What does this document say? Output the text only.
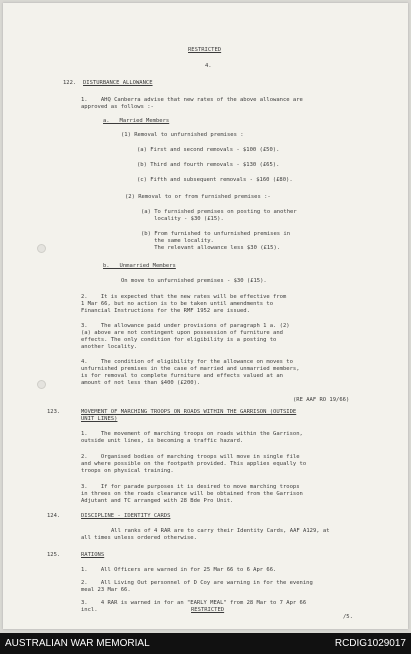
RESTRICTED
4.
122. DISTURBANCE ALLOWANCE
1.    AHQ Canberra advise that new rates of the above allowance are
approved as follows :-
a.   Married Members
(1) Removal to unfurnished premises :
(a) First and second removals - $100 (£50).
(b) Third and fourth removals - $130 (£65).
(c) Fifth and subsequent removals - $160 (£80).
(2) Removal to or from furnished premises :-
(a) To furnished premises on posting to another
locality - $30 (£15).
(b) From furnished to unfurnished premises in
the same locality.
The relevant allowance less $30 (£15).
b.   Unmarried Members
On move to unfurnished premises - $30 (£15).
2.    It is expected that the new rates will be effective from
1 Mar 66, but no action is to be taken until amendments to
Financial Instructions for the RMF 1952 are issued.
3.    The allowance paid under provisions of paragraph 1 a. (2)
(a) above are not contingent upon possession of furniture and
effects. The only condition for eligibility is a posting to
another locality.
4.    The condition of eligibility for the allowance on moves to
unfurnished premises in the case of married and unmarried members,
is for removal to complete furniture and effects valued at an
amount of not less than $400 (£200).
(RE AAF RO 19/66)
123.	MOVEMENT OF MARCHING TROOPS ON ROADS WITHIN THE GARRISON (OUTSIDE
UNIT LINES)
1.    The movement of marching troops on roads within the Garrison,
outside unit lines, is becoming a traffic hazard.
2.    Organised bodies of marching troops will move in single file
and where possible on the footpath provided. This applies equally to
troops on physical training.
3.    If for parade purposes it is desired to move marching troops
in threes on the roads clearance will be obtained from the Garrison
Adjutant and TC arranged with 28 Bde Pro Unit.
124.	DISCIPLINE - IDENTITY CARDS
All ranks of 4 RAR are to carry their Identity Cards, AAF A129, at
all times unless ordered otherwise.
125.	RATIONS
1.    All Officers are warned in for 25 Mar 66 to 6 Apr 66.
2.    All Living Out personnel of D Coy are warning in for the evening
meal 23 Mar 66.
3.    4 RAR is warned in for an "EARLY MEAL" from 28 Mar to 7 Apr 66
incl.	RESTRICTED
/5.
AUSTRALIAN WAR MEMORIAL	RCDIG1029017
